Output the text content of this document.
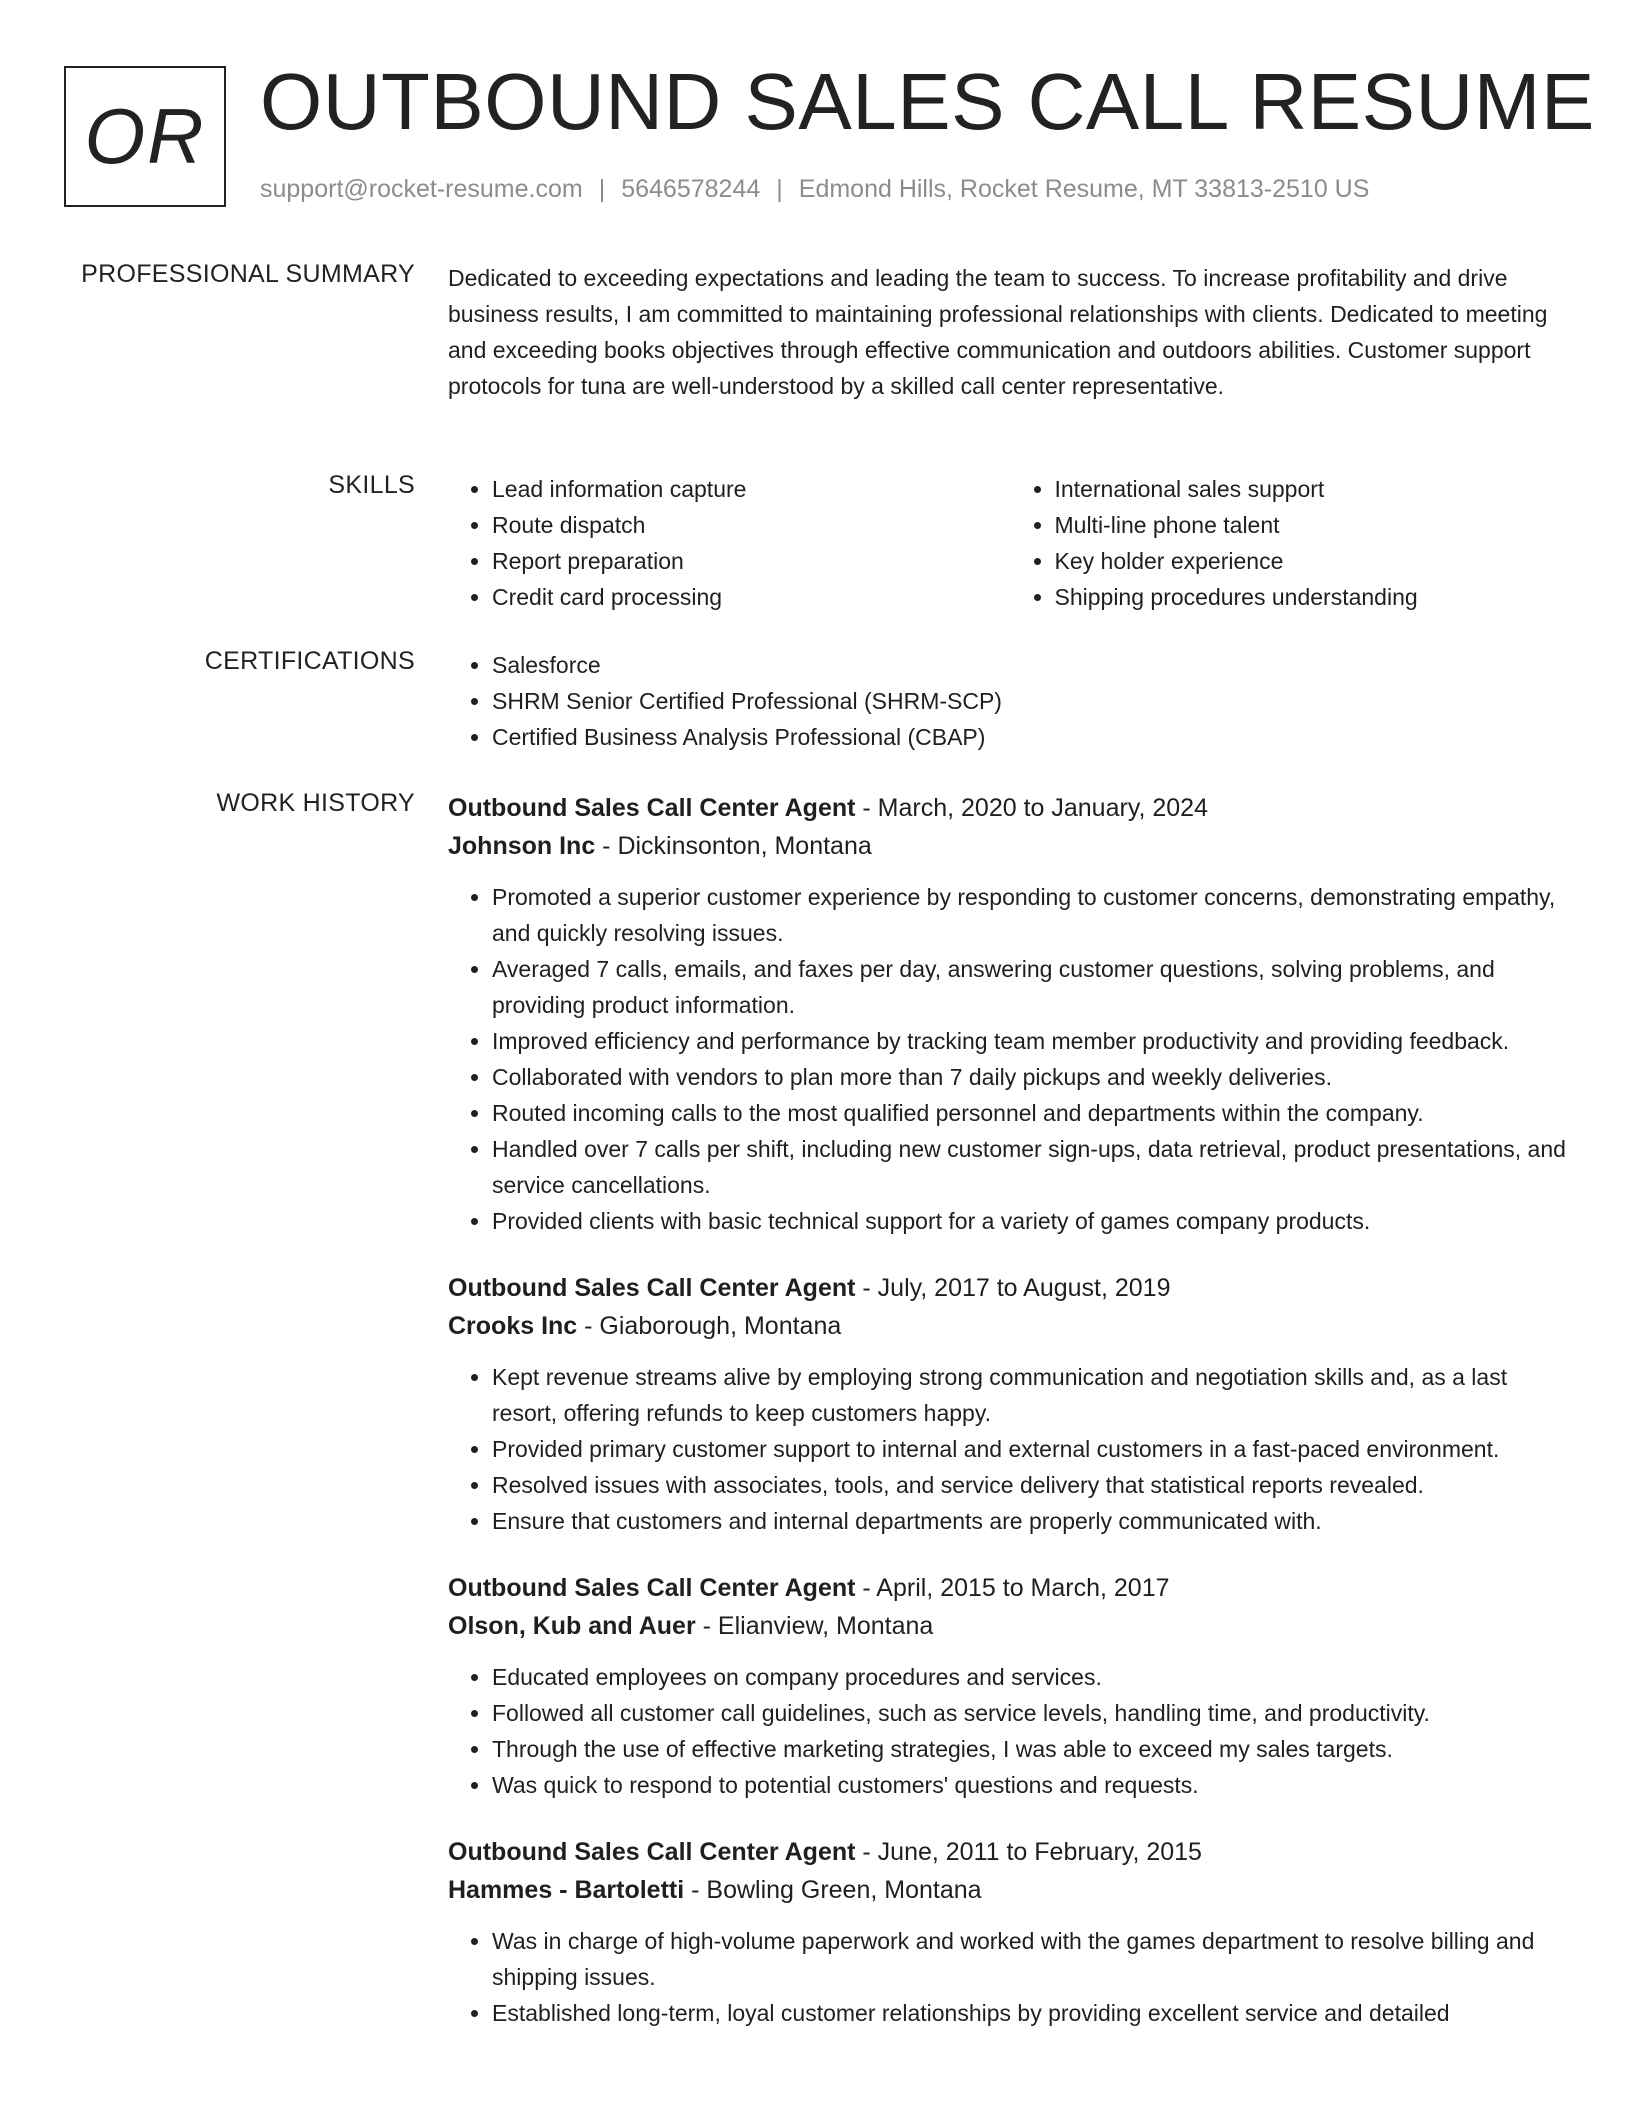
OR OUTBOUND SALES CALL RESUME
support@rocket-resume.com | 5646578244 | Edmond Hills, Rocket Resume, MT 33813-2510 US
PROFESSIONAL SUMMARY Dedicated to exceeding expectations and leading the team to success. To increase profitability and drive business results, I am committed to maintaining professional relationships with clients. Dedicated to meeting and exceeding books objectives through effective communication and outdoors abilities. Customer support protocols for tuna are well-understood by a skilled call center representative.
SKILLS	• Lead information capture
• Route dispatch
• Report preparation
• Credit card processing
• International sales support
• Multi-line phone talent
• Key holder experience
• Shipping procedures understanding
CERTIFICATIONS	• Salesforce
• SHRM Senior Certified Professional (SHRM-SCP)
• Certified Business Analysis Professional (CBAP)
WORK HISTORY Outbound Sales Call Center Agent - March, 2020 to January, 2024
Johnson Inc - Dickinsonton, Montana
• Promoted a superior customer experience by responding to customer concerns, demonstrating empathy, and quickly resolving issues.
• Averaged 7 calls, emails, and faxes per day, answering customer questions, solving problems, and providing product information.
• Improved efficiency and performance by tracking team member productivity and providing feedback.
• Collaborated with vendors to plan more than 7 daily pickups and weekly deliveries.
• Routed incoming calls to the most qualified personnel and departments within the company.
• Handled over 7 calls per shift, including new customer sign-ups, data retrieval, product presentations, and service cancellations.
• Provided clients with basic technical support for a variety of games company products.
Outbound Sales Call Center Agent - July, 2017 to August, 2019
Crooks Inc - Giaborough, Montana
• Kept revenue streams alive by employing strong communication and negotiation skills and, as a last resort, offering refunds to keep customers happy.
• Provided primary customer support to internal and external customers in a fast-paced environment.
• Resolved issues with associates, tools, and service delivery that statistical reports revealed.
• Ensure that customers and internal departments are properly communicated with.
Outbound Sales Call Center Agent - April, 2015 to March, 2017
Olson, Kub and Auer - Elianview, Montana
• Educated employees on company procedures and services.
• Followed all customer call guidelines, such as service levels, handling time, and productivity.
• Through the use of effective marketing strategies, I was able to exceed my sales targets.
• Was quick to respond to potential customers' questions and requests.
Outbound Sales Call Center Agent - June, 2011 to February, 2015
Hammes - Bartoletti - Bowling Green, Montana
• Was in charge of high-volume paperwork and worked with the games department to resolve billing and shipping issues.
• Established long-term, loyal customer relationships by providing excellent service and detailed
